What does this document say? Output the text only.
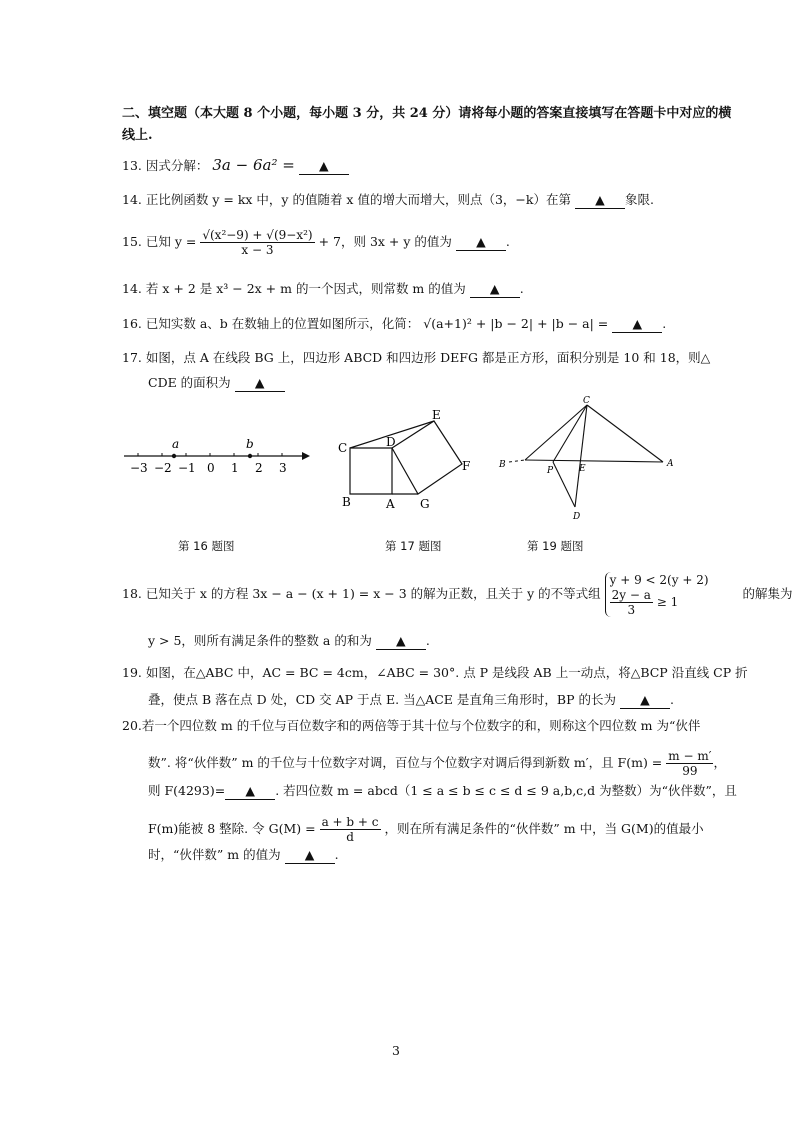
二、填空题（本大题 8 个小题，每小题 3 分，共 24 分）请将每小题的答案直接填写在答题卡中对应的横
线上.
13. 因式分解： 3a − 6a² = ▲
14. 正比例函数 y = kx 中，y 的值随着 x 值的增大而增大，则点（3，−k）在第 ▲ 象限.
15. 已知 $y = \frac{\text{√(x²−9) + √(9−x²)}}{x - 3} + 7$，则 3x + y 的值为 ▲ .
14. 若 x + 2 是 x³ − 2x + m 的一个因式，则常数 m 的值为 ▲ .
16. 已知实数 a、b 在数轴上的位置如图所示，化简： √(a+1)² + |b − 2| + |b − a| = ▲ .
17. 如图，点 A 在线段 BG 上，四边形 ABCD 和四边形 DEFG 都是正方形，面积分别是 10 和 18，则△
CDE 的面积为 ▲
−3 −2 −1 0 1 2 3
a	b
第 16 题图
C	D
E
F
G
A
B
第 17 题图
C
B
P	E	A
D
第 19 题图
18. 已知关于 x 的方程 3x − a − (x + 1) = x − 3 的解为正数，且关于 y 的不等式组
y + 9 < 2(y + 2)
$\frac{2y - a}{3} \ge 1$
的解集为
y > 5，则所有满足条件的整数 a 的和为 ▲ .
19. 如图，在△ABC 中，AC = BC = 4cm，∠ABC = 30°. 点 P 是线段 AB 上一动点，将△BCP 沿直线 CP 折
叠，使点 B 落在点 D 处，CD 交 AP 于点 E. 当△ACE 是直角三角形时，BP 的长为 ▲ .
20.若一个四位数 m 的千位与百位数字和的两倍等于其十位与个位数字的和，则称这个四位数 m 为“伙伴
数”. 将“伙伴数” m 的千位与十位数字对调，百位与个位数字对调后得到新数 m′，且 $F(m) = \frac{m - m'}{99}$ ，
则 F(4293)= ▲ . 若四位数 m = abcd（1 ≤ a ≤ b ≤ c ≤ d ≤ 9 a,b,c,d 为整数）为“伙伴数”，且
F(m)能被 8 整除. 令 $G(M) = \frac{a + b + c}{d}$ ，则在所有满足条件的“伙伴数” m 中，当 G(M)的值最小
时，“伙伴数” m 的值为 ▲ .
3
